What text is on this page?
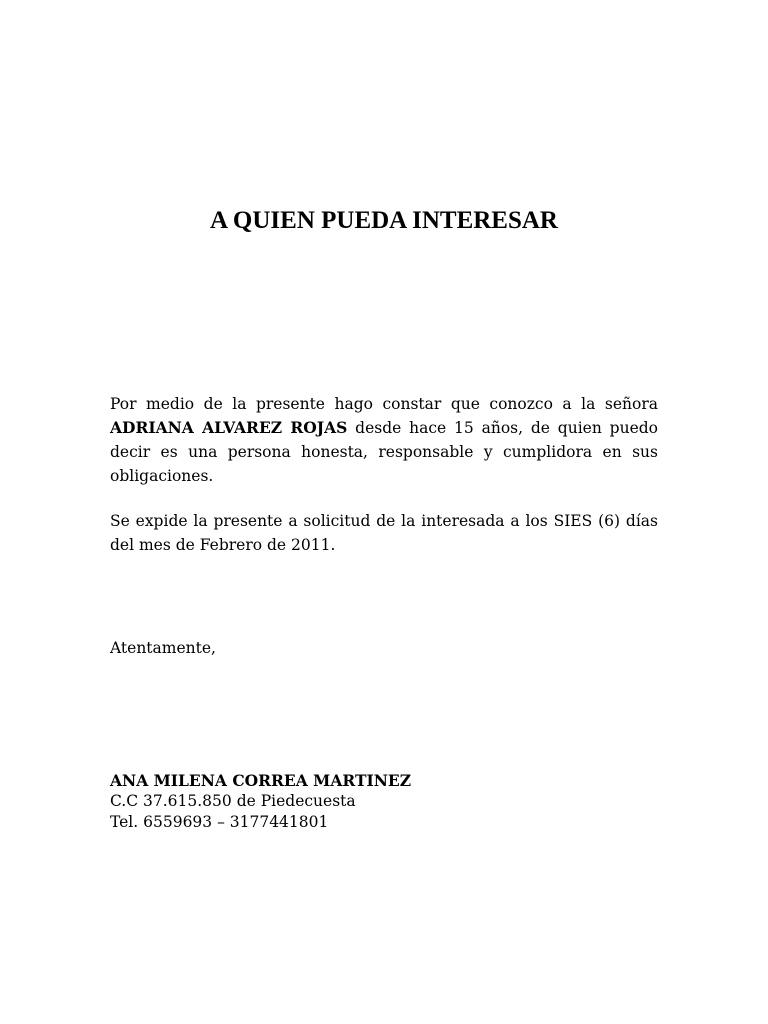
A QUIEN PUEDA INTERESAR

Por medio de la presente hago constar que conozco a la señora ADRIANA ALVAREZ ROJAS desde hace 15 años, de quien puedo decir es una persona honesta, responsable y cumplidora en sus obligaciones.

Se expide la presente a solicitud de la interesada a los SIES (6) días del mes de Febrero de 2011.

Atentamente,

ANA MILENA CORREA MARTINEZ
C.C 37.615.850 de Piedecuesta
Tel. 6559693 – 3177441801
